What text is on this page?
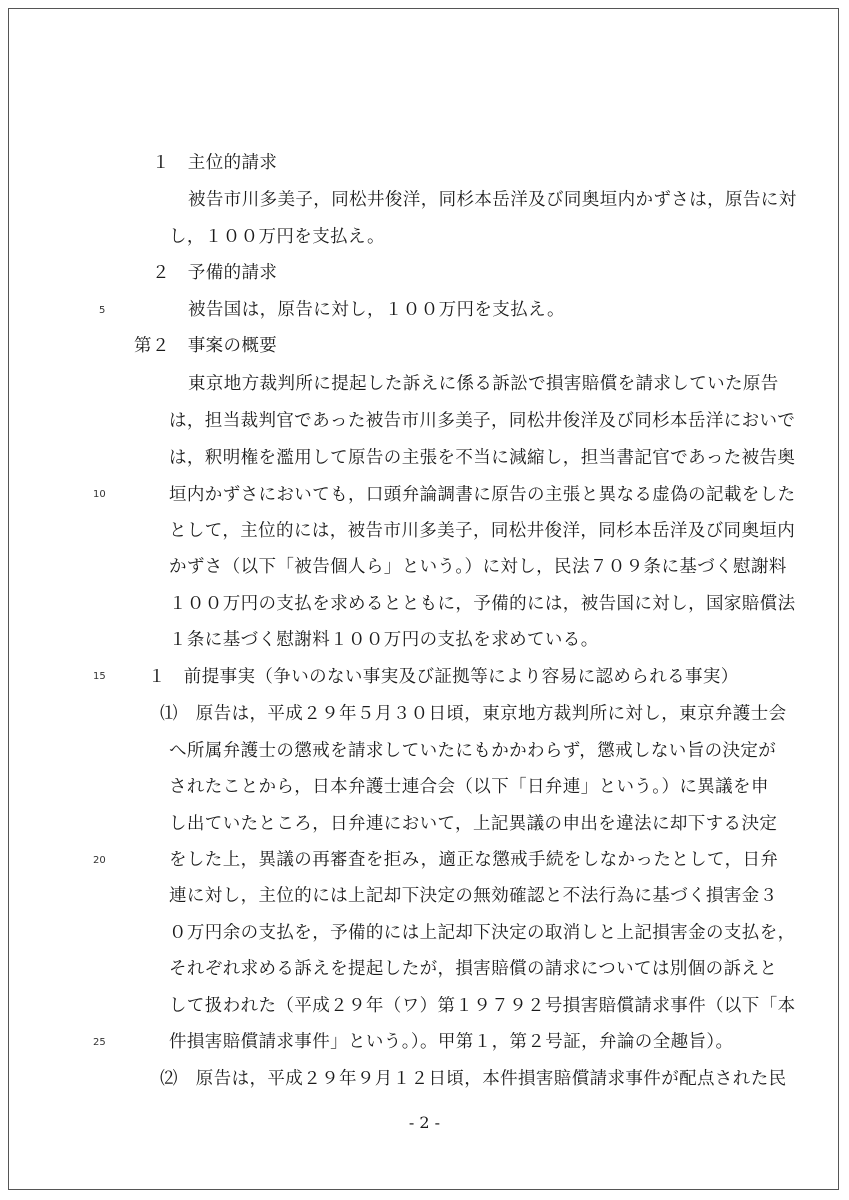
１　主位的請求
被告市川多美子，同松井俊洋，同杉本岳洋及び同奥垣内かずさは，原告に対
し，１００万円を支払え。
２　予備的請求
被告国は，原告に対し，１００万円を支払え。
第２　事案の概要
東京地方裁判所に提起した訴えに係る訴訟で損害賠償を請求していた原告
は，担当裁判官であった被告市川多美子，同松井俊洋及び同杉本岳洋においで
は，釈明権を濫用して原告の主張を不当に減縮し，担当書記官であった被告奥
垣内かずさにおいても，口頭弁論調書に原告の主張と異なる虚偽の記載をした
として，主位的には，被告市川多美子，同松井俊洋，同杉本岳洋及び同奥垣内
かずさ（以下「被告個人ら」という。）に対し，民法７０９条に基づく慰謝料
１００万円の支払を求めるとともに，予備的には，被告国に対し，国家賠償法
１条に基づく慰謝料１００万円の支払を求めている。
１　前提事実（争いのない事実及び証拠等により容易に認められる事実）
⑴　原告は，平成２９年５月３０日頃，東京地方裁判所に対し，東京弁護士会
へ所属弁護士の懲戒を請求していたにもかかわらず，懲戒しない旨の決定が
されたことから，日本弁護士連合会（以下「日弁連」という。）に異議を申
し出ていたところ，日弁連において，上記異議の申出を違法に却下する決定
をした上，異議の再審査を拒み，適正な懲戒手続をしなかったとして，日弁
連に対し，主位的には上記却下決定の無効確認と不法行為に基づく損害金３
０万円余の支払を，予備的には上記却下決定の取消しと上記損害金の支払を，
それぞれ求める訴えを提起したが，損害賠償の請求については別個の訴えと
して扱われた（平成２９年（ワ）第１９７９２号損害賠償請求事件（以下「本
件損害賠償請求事件」という。）。甲第１，第２号証，弁論の全趣旨）。
⑵　原告は，平成２９年９月１２日頃，本件損害賠償請求事件が配点された民
5
10
15
20
25
- 2 -
